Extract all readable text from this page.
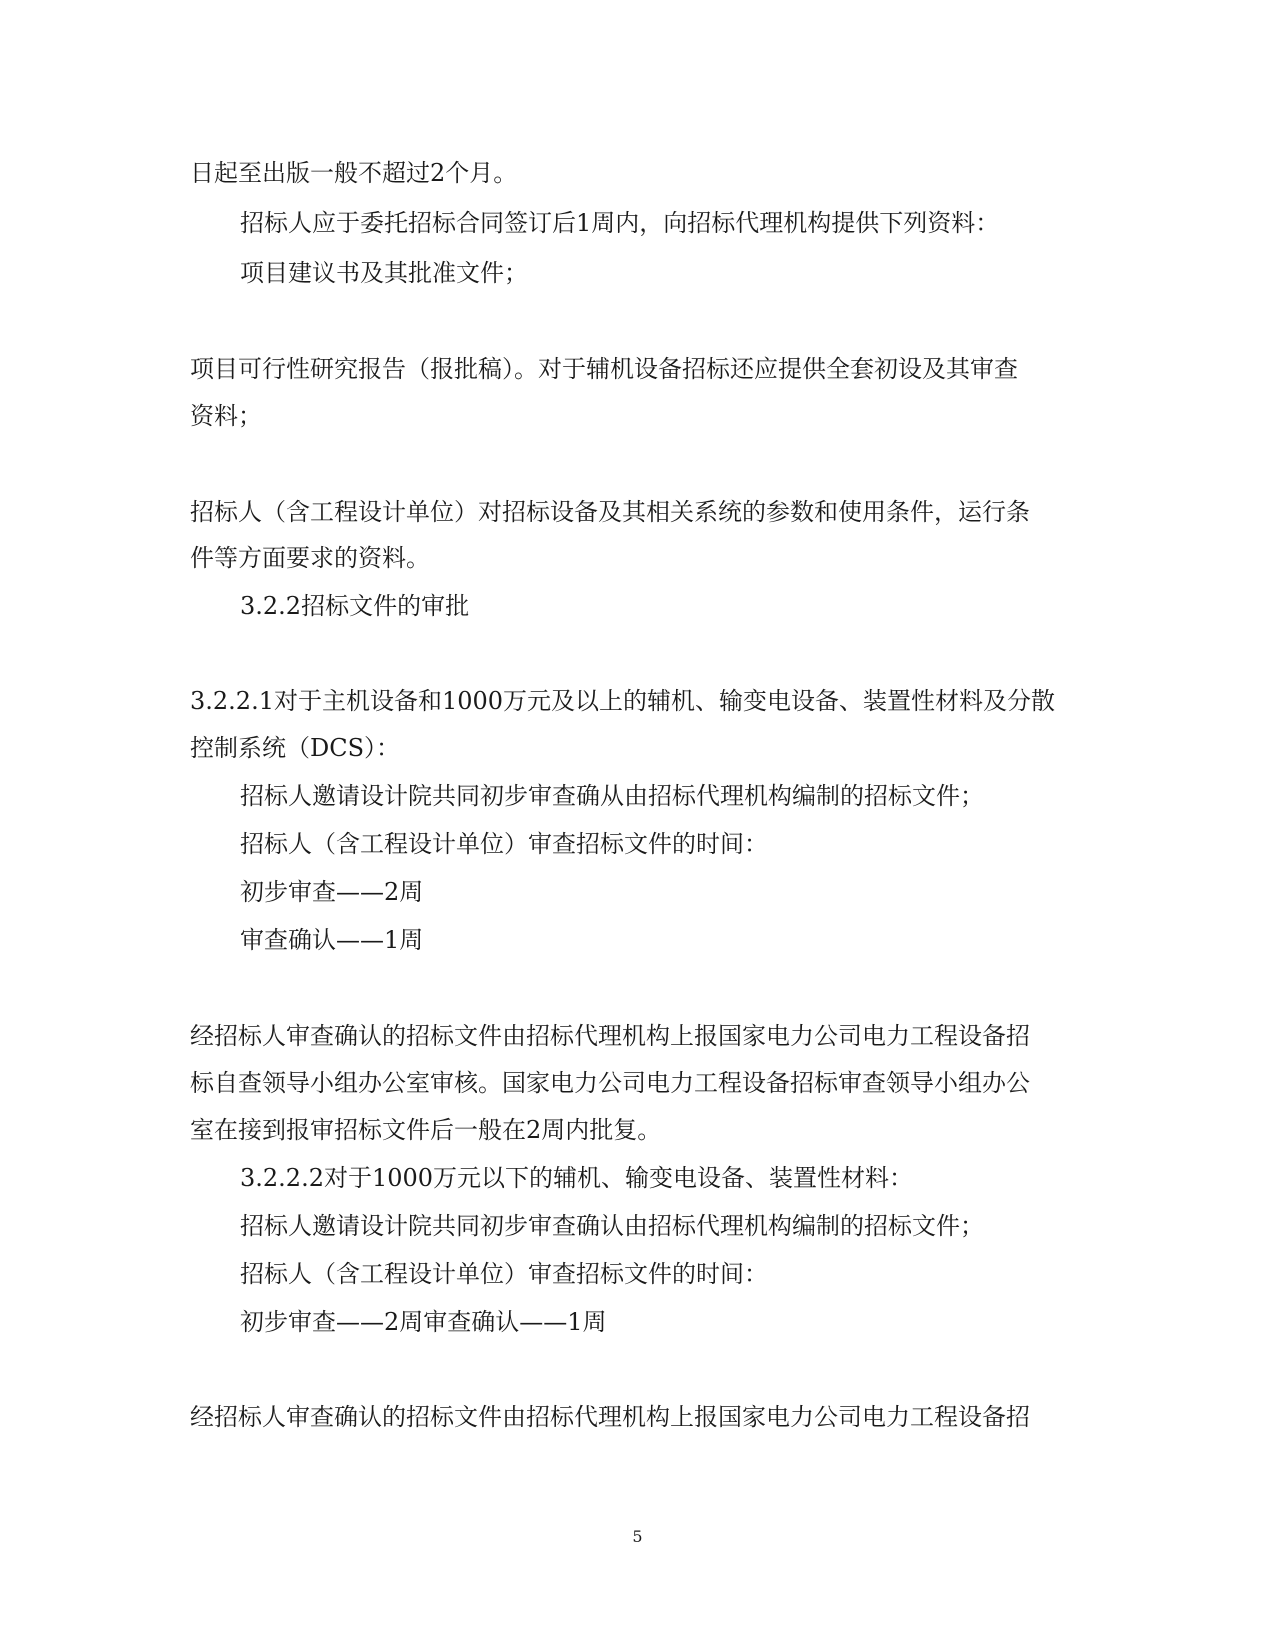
日起至出版一般不超过2个月。
招标人应于委托招标合同签订后1周内，向招标代理机构提供下列资料：
项目建议书及其批准文件；
项目可行性研究报告（报批稿）。对于辅机设备招标还应提供全套初设及其审查
资料；
招标人（含工程设计单位）对招标设备及其相关系统的参数和使用条件，运行条
件等方面要求的资料。
3.2.2招标文件的审批
3.2.2.1对于主机设备和1000万元及以上的辅机、输变电设备、装置性材料及分散
控制系统（DCS）：
招标人邀请设计院共同初步审查确从由招标代理机构编制的招标文件；
招标人（含工程设计单位）审查招标文件的时间：
初步审查——2周
审查确认——1周
经招标人审查确认的招标文件由招标代理机构上报国家电力公司电力工程设备招
标自查领导小组办公室审核。国家电力公司电力工程设备招标审查领导小组办公
室在接到报审招标文件后一般在2周内批复。
3.2.2.2对于1000万元以下的辅机、输变电设备、装置性材料：
招标人邀请设计院共同初步审查确认由招标代理机构编制的招标文件；
招标人（含工程设计单位）审查招标文件的时间：
初步审查——2周审查确认——1周
经招标人审查确认的招标文件由招标代理机构上报国家电力公司电力工程设备招
5
